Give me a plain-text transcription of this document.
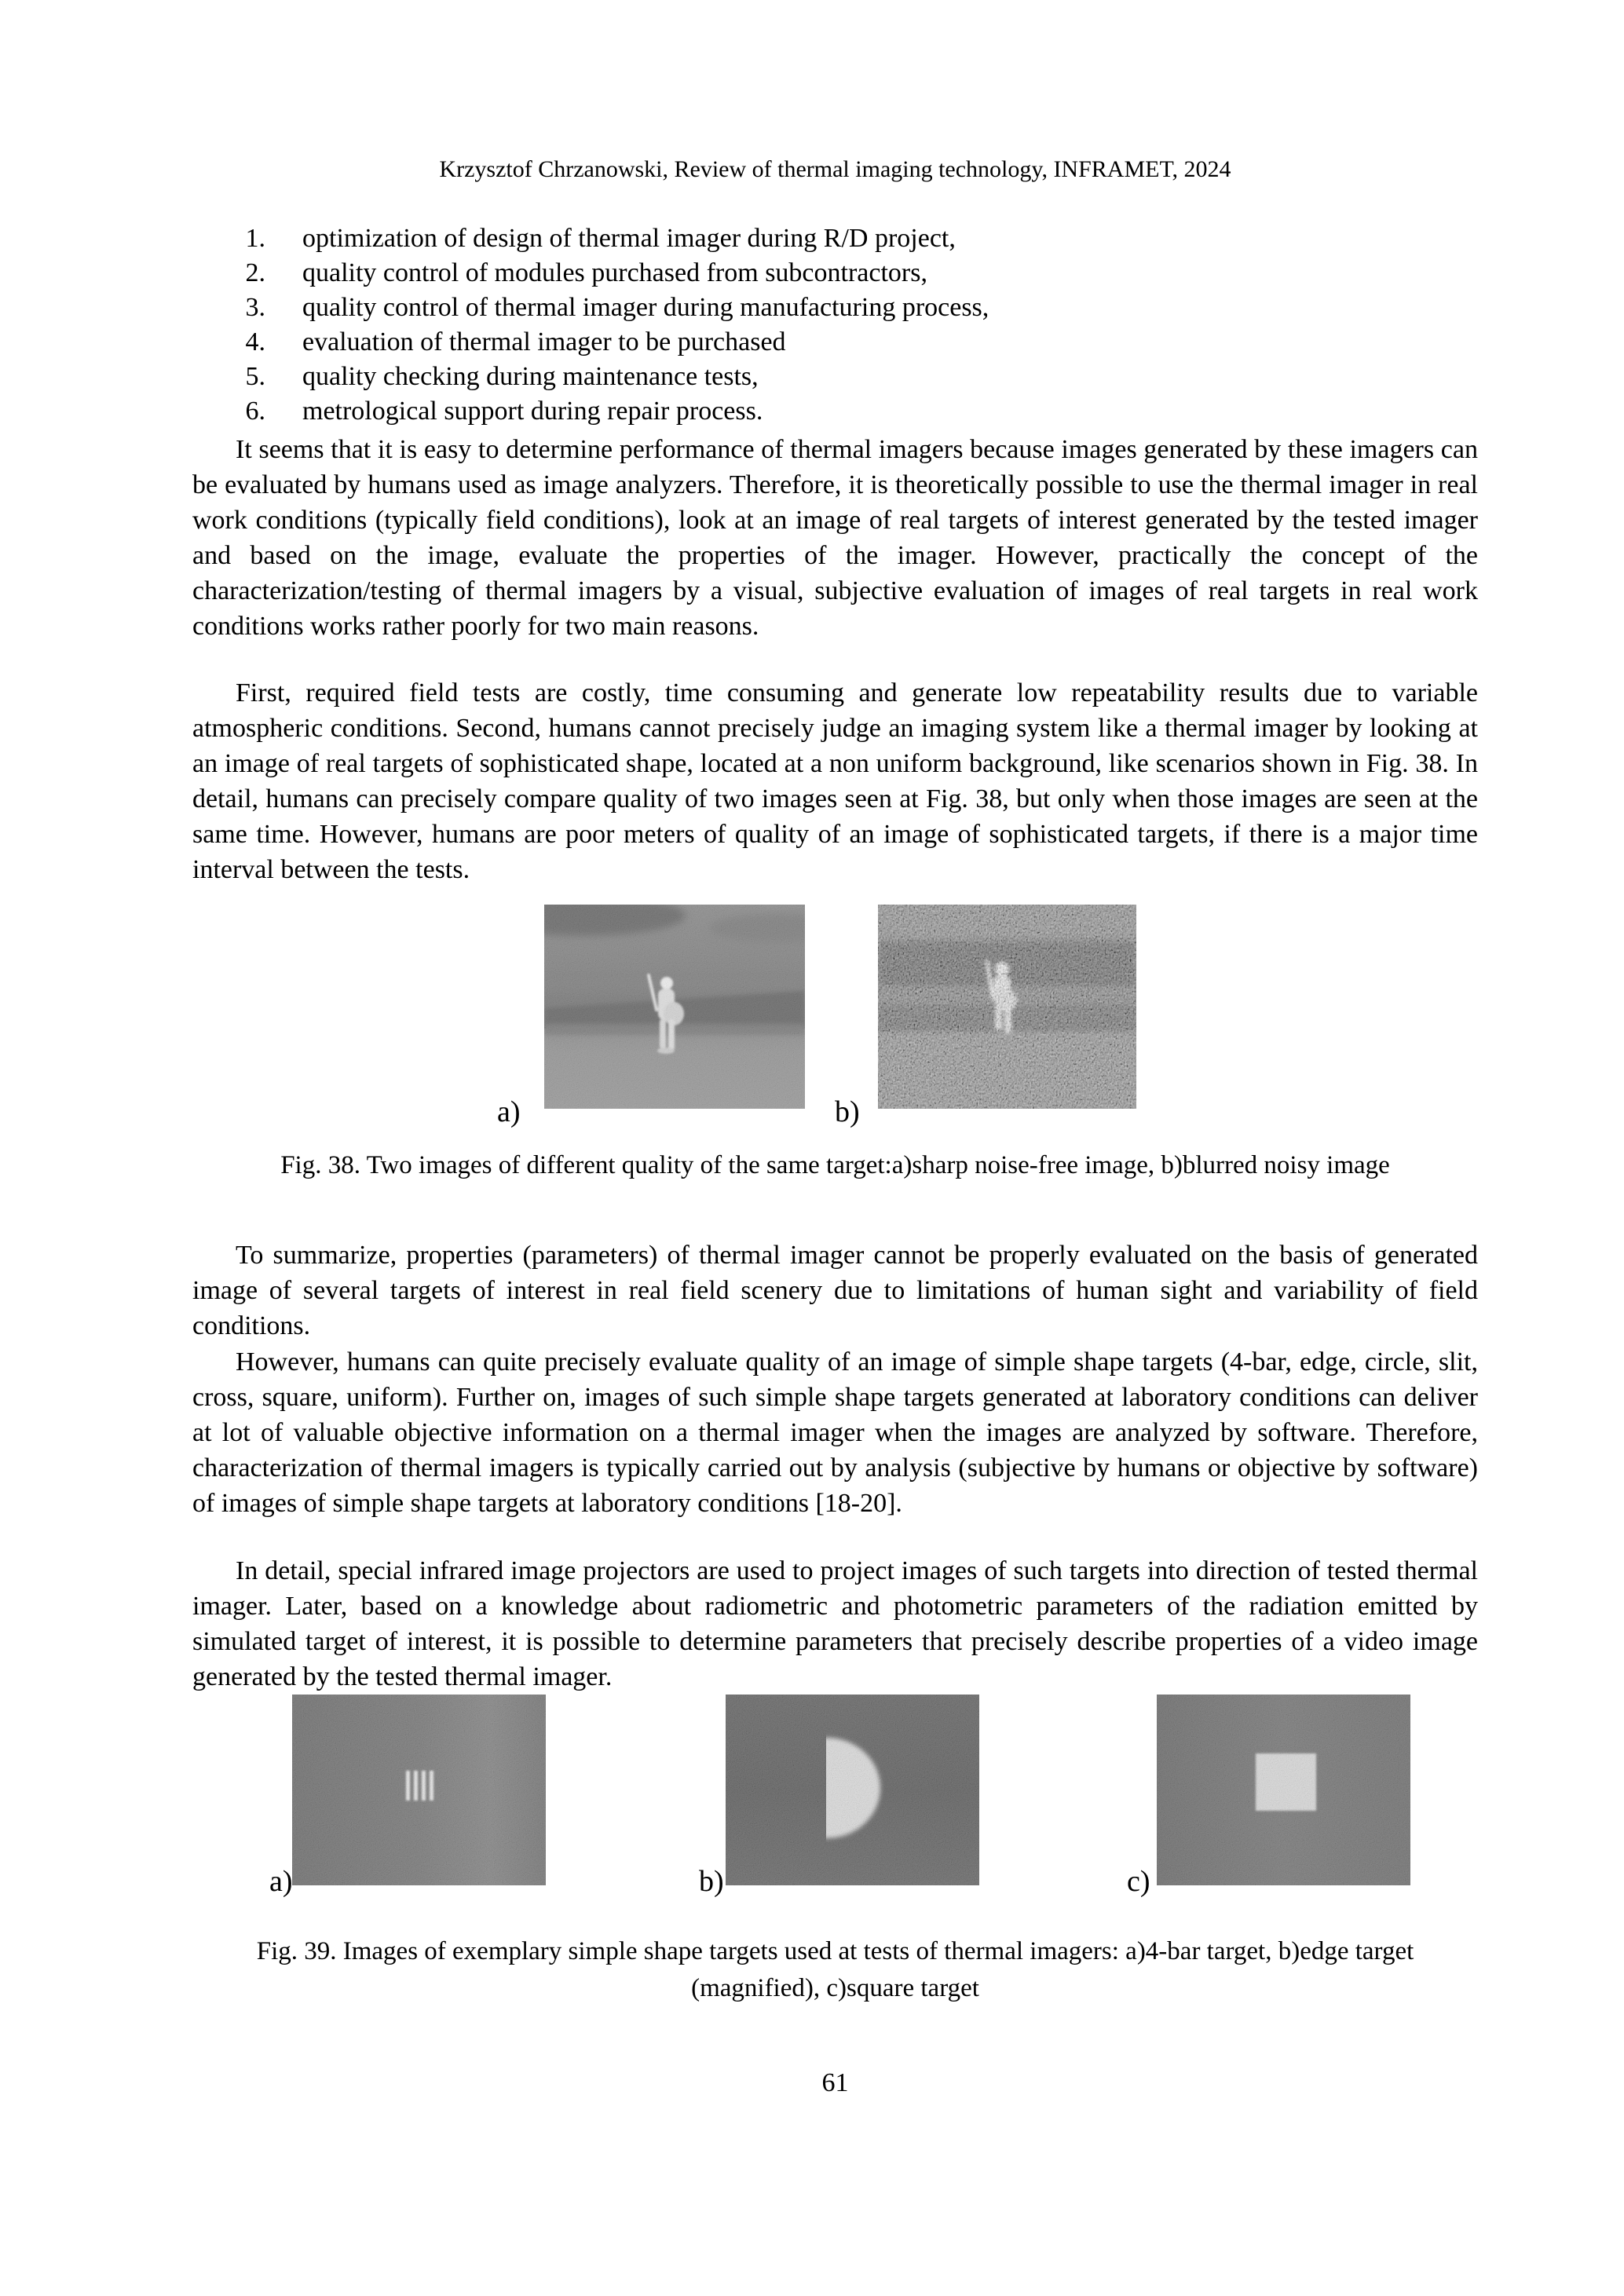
Krzysztof Chrzanowski, Review of thermal imaging technology, INFRAMET, 2024
1.	optimization of design of thermal imager during R/D project,
2.	quality control of modules purchased from subcontractors,
3.	quality control of thermal imager during manufacturing process,
4.	evaluation of thermal imager to be purchased
5.	quality checking during maintenance tests,
6.	metrological support during repair process.

It seems that it is easy to determine performance of thermal imagers because images generated by these imagers can be evaluated by humans used as image analyzers. Therefore, it is theoretically possible to use the thermal imager in real work conditions (typically field conditions), look at an image of real targets of interest generated by the tested imager and based on the image, evaluate the properties of the imager. However, practically the concept of the characterization/testing of thermal imagers by a visual, subjective evaluation of images of real targets in real work conditions works rather poorly for two main reasons.

First, required field tests are costly, time consuming and generate low repeatability results due to variable atmospheric conditions. Second, humans cannot precisely judge an imaging system like a thermal imager by looking at an image of real targets of sophisticated shape, located at a non uniform background, like scenarios shown in Fig. 38. In detail, humans can precisely compare quality of two images seen at Fig. 38, but only when those images are seen at the same time. However, humans are poor meters of quality of an image of sophisticated targets, if there is a major time interval between the tests.

a)	b)
Fig. 38. Two images of different quality of the same target:a)sharp noise-free image, b)blurred noisy image

To summarize, properties (parameters) of thermal imager cannot be properly evaluated on the basis of generated image of several targets of interest in real field scenery due to limitations of human sight and variability of field conditions.

However, humans can quite precisely evaluate quality of an image of simple shape targets (4-bar, edge, circle, slit, cross, square, uniform). Further on, images of such simple shape targets generated at laboratory conditions can deliver at lot of valuable objective information on a thermal imager when the images are analyzed by software. Therefore, characterization of thermal imagers is typically carried out by analysis (subjective by humans or objective by software) of images of simple shape targets at laboratory conditions [18-20].

In detail, special infrared image projectors are used to project images of such targets into direction of tested thermal imager. Later, based on a knowledge about radiometric and photometric parameters of the radiation emitted by simulated target of interest, it is possible to determine parameters that precisely describe properties of a video image generated by the tested thermal imager.

a)	b)	c)
Fig. 39. Images of exemplary simple shape targets used at tests of thermal imagers: a)4-bar target, b)edge target (magnified), c)square target
61
